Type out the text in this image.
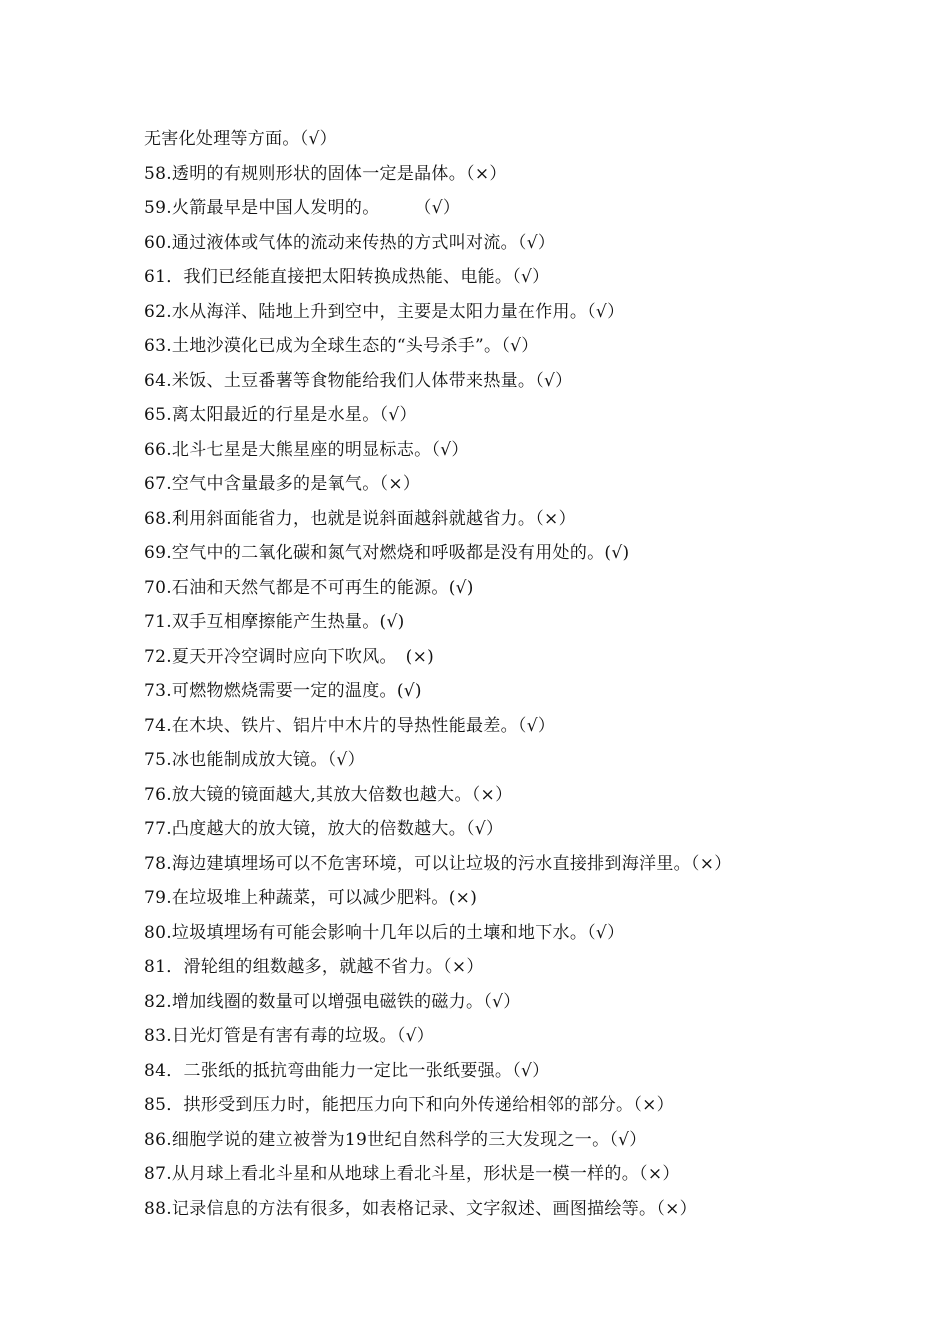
无害化处理等方面。（√）
58.透明的有规则形状的固体一定是晶体。（×）
59.火箭最早是中国人发明的。　　　（√）
60.通过液体或气体的流动来传热的方式叫对流。（√）
61．我们已经能直接把太阳转换成热能、电能。（√）
62.水从海洋、陆地上升到空中，主要是太阳力量在作用。（√）
63.土地沙漠化已成为全球生态的“头号杀手”。（√）
64.米饭、土豆番薯等食物能给我们人体带来热量。（√）
65.离太阳最近的行星是水星。（√）
66.北斗七星是大熊星座的明显标志。（√）
67.空气中含量最多的是氧气。（×）
68.利用斜面能省力，也就是说斜面越斜就越省力。（×）
69.空气中的二氧化碳和氮气对燃烧和呼吸都是没有用处的。(√)
70.石油和天然气都是不可再生的能源。(√)
71.双手互相摩擦能产生热量。(√)
72.夏天开冷空调时应向下吹风。　(×)
73.可燃物燃烧需要一定的温度。(√)
74.在木块、铁片、铝片中木片的导热性能最差。（√）
75.冰也能制成放大镜。（√）
76.放大镜的镜面越大,其放大倍数也越大。（×）
77.凸度越大的放大镜，放大的倍数越大。（√）
78.海边建填埋场可以不危害环境，可以让垃圾的污水直接排到海洋里。（×）
79.在垃圾堆上种蔬菜，可以减少肥料。(×)
80.垃圾填埋场有可能会影响十几年以后的土壤和地下水。（√）
81．滑轮组的组数越多，就越不省力。（×）
82.增加线圈的数量可以增强电磁铁的磁力。（√）
83.日光灯管是有害有毒的垃圾。（√）
84．二张纸的抵抗弯曲能力一定比一张纸要强。（√）
85．拱形受到压力时，能把压力向下和向外传递给相邻的部分。（×）
86.细胞学说的建立被誉为19世纪自然科学的三大发现之一。（√）
87.从月球上看北斗星和从地球上看北斗星，形状是一模一样的。（×）
88.记录信息的方法有很多，如表格记录、文字叙述、画图描绘等。（×）
